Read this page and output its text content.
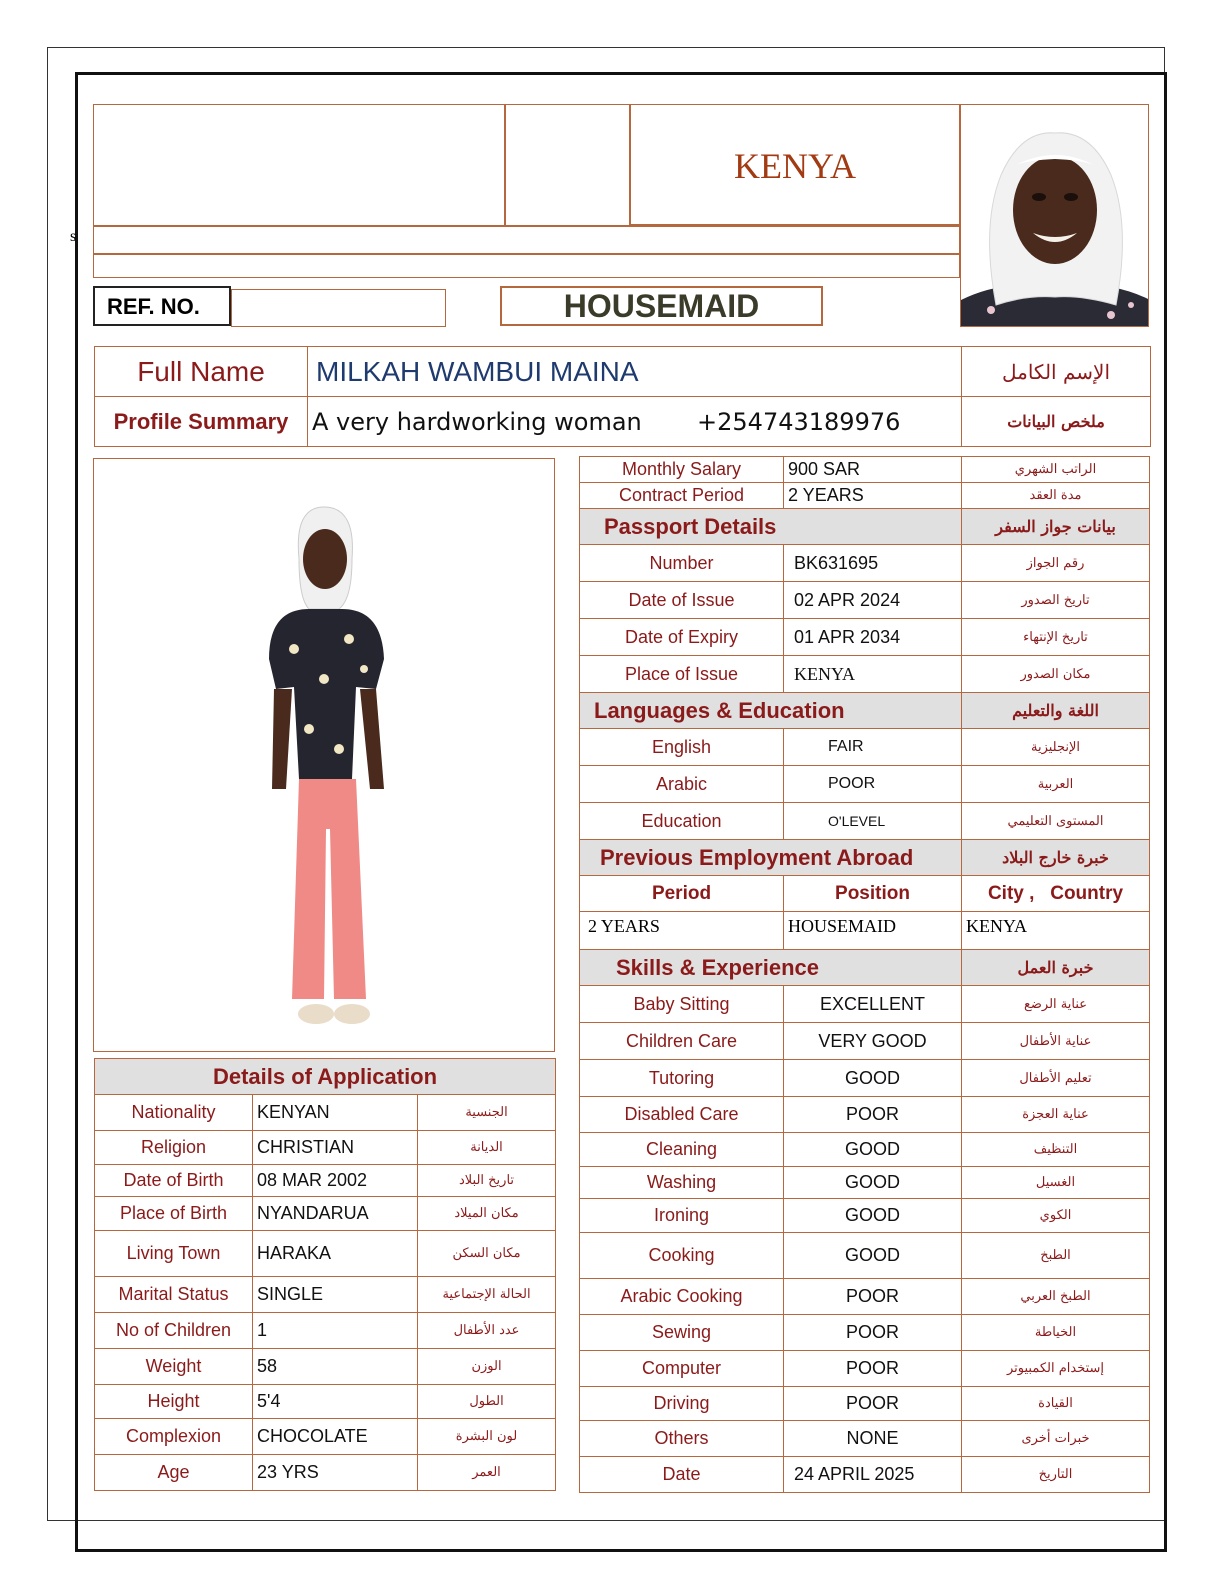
s
KENYA
REF. NO.	HOUSEMAID
Full Name	MILKAH WAMBUI MAINA	الإسم الكامل
Profile Summary	A very hardworking woman +254743189976	ملخص البيانات
Details of Application		
Nationality	KENYAN	الجنسية
Religion	CHRISTIAN	الديانة
Date of Birth	08 MAR 2002	تاريخ البلاد
Place of Birth	NYANDARUA	مكان الميلاد
Living Town	HARAKA	مكان السكن
Marital Status	SINGLE	الحالة الإجتماعية
No of Children	1	عدد الأطفال
Weight	58	الوزن
Height	5'4	الطول
Complexion	CHOCOLATE	لون البشرة
Age	23 YRS	العمر
Monthly Salary	900 SAR	الراتب الشهري
Contract Period	2 YEARS	مدة العقد
Passport Details		بيانات جواز السفر
Number	BK631695	رقم الجواز
Date of Issue	02 APR 2024	تاريخ الصدور
Date of Expiry	01 APR 2034	تاريخ الإنتهاء
Place of Issue	KENYA	مكان الصدور
Languages & Education		اللغة والتعليم
English	FAIR	الإنجليزية
Arabic	POOR	العربية
Education	O'LEVEL	المستوى التعليمي
Previous Employment Abroad		خبرة خارج البلاد
Period	Position	City ,   Country
2 YEARS	HOUSEMAID	KENYA
Skills & Experience		خبرة العمل
Baby Sitting	EXCELLENT	عناية الرضع
Children Care	VERY GOOD	عناية الأطفال
Tutoring	GOOD	تعليم الأطفال
Disabled Care	POOR	عناية العجزة
Cleaning	GOOD	التنظيف
Washing	GOOD	الغسيل
Ironing	GOOD	الكوي
Cooking	GOOD	الطبخ
Arabic Cooking	POOR	الطبخ العربي
Sewing	POOR	الخياطة
Computer	POOR	إستخدام الكمبيوتر
Driving	POOR	القيادة
Others	NONE	خبرات أخرى
Date	24 APRIL 2025	التاريخ
